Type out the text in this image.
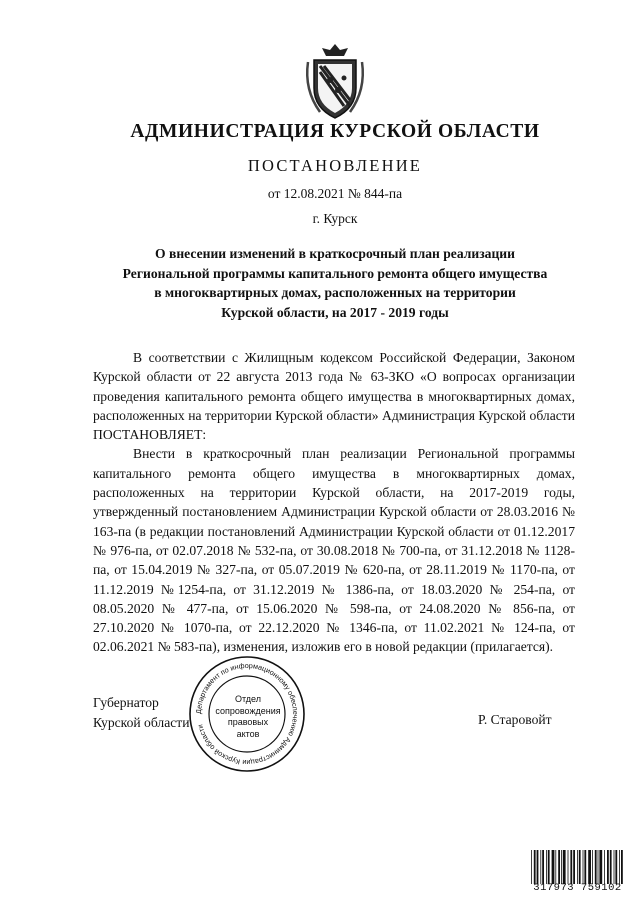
АДМИНИСТРАЦИЯ КУРСКОЙ ОБЛАСТИ
ПОСТАНОВЛЕНИЕ
от 12.08.2021 № 844-па
г. Курск
О внесении изменений в краткосрочный план реализации
Региональной программы капитального ремонта общего имущества
в многоквартирных домах, расположенных на территории
Курской области, на 2017 - 2019 годы

В соответствии с Жилищным кодексом Российской Федерации, Законом Курской области от 22 августа 2013 года № 63-ЗКО «О вопросах организации проведения капитального ремонта общего имущества в многоквартирных домах, расположенных на территории Курской области» Администрация Курской области ПОСТАНОВЛЯЕТ:

Внести в краткосрочный план реализации Региональной программы капитального ремонта общего имущества в многоквартирных домах, расположенных на территории Курской области, на 2017-2019 годы, утвержденный постановлением Администрации Курской области от 28.03.2016 № 163-па (в редакции постановлений Администрации Курской области от 01.12.2017 № 976-па, от 02.07.2018 № 532-па, от 30.08.2018 № 700-па, от 31.12.2018 № 1128-па, от 15.04.2019 № 327-па, от 05.07.2019 № 620-па, от 28.11.2019 № 1170-па, от 11.12.2019 №1254-па, от 31.12.2019 № 1386-па, от 18.03.2020 № 254-па, от 08.05.2020 № 477-па, от 15.06.2020 № 598-па, от 24.08.2020 № 856-па, от 27.10.2020 № 1070-па, от 22.12.2020 № 1346-па, от 11.02.2021 № 124-па, от 02.06.2021 № 583-па), изменения, изложив его в новой редакции (прилагается).

Губернатор
Курской области
Департамент по информационному обеспечению Администрации Курской области
Отдел
сопровождения
правовых
актов
Р. Старовойт
317973 759102
